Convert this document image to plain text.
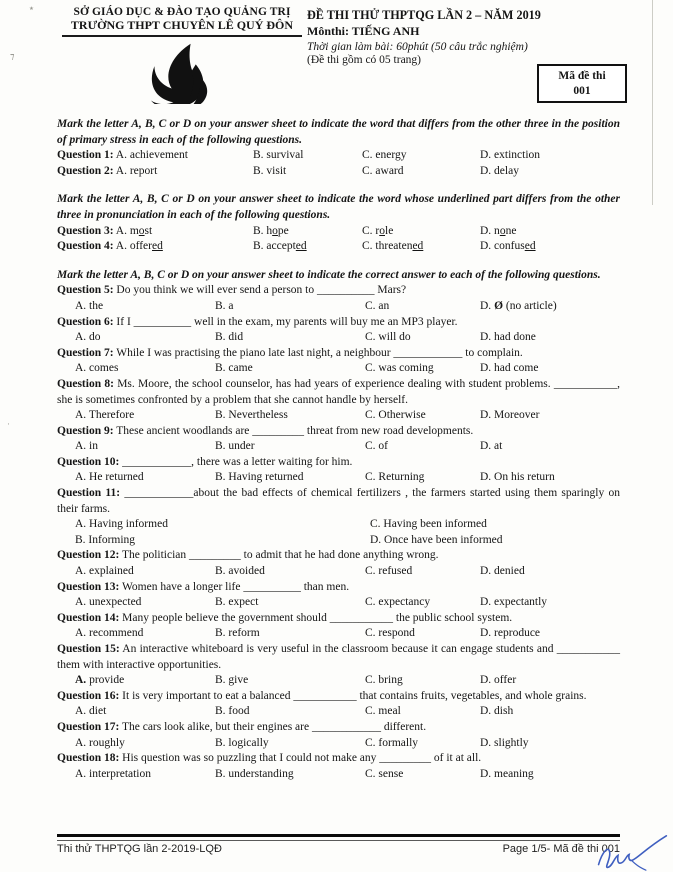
٭
⁊
·
SỞ GIÁO DỤC & ĐÀO TẠO QUẢNG TRỊ
TRƯỜNG THPT CHUYÊN LÊ QUÝ ĐÔN
ĐỀ THI THỬ THPTQG LẦN 2 – NĂM 2019
Mônthi: TIẾNG ANH
Thời gian làm bài: 60phút (50 câu trắc nghiệm)
(Đề thi gồm có 05 trang)
Mã đề thi
001

Mark the letter A, B, C or D on your answer sheet to indicate the word that differs from the other three in the position of primary stress in each of the following questions.

Question 1: A. achievement	B. survival	C. energy	D. extinction
Question 2: A. report	B. visit	C. award	D. delay

Mark the letter A, B, C or D on your answer sheet to indicate the word whose underlined part differs from the other three in pronunciation in each of the following questions.

Question 3: A. most	B. hope	C. role	D. none
Question 4: A. offered	B. accepted	C. threatened	D. confused

Mark the letter A, B, C or D on your answer sheet to indicate the correct answer to each of the following questions.

Question 5: Do you think we will ever send a person to __________ Mars?

A. the	B. a	C. an	D. Ø (no article)

Question 6: If I __________ well in the exam, my parents will buy me an MP3 player.

A. do	B. did	C. will do	D. had done

Question 7: While I was practising the piano late last night, a neighbour ____________ to complain.

A. comes	B. came	C. was coming	D. had come

Question 8: Ms. Moore, the school counselor, has had years of experience dealing with student problems. ___________, she is sometimes confronted by a problem that she cannot handle by herself.

A. Therefore	B. Nevertheless	C. Otherwise	D. Moreover

Question 9: These ancient woodlands are _________ threat from new road developments.

A. in	B. under	C. of	D. at

Question 10: ____________, there was a letter waiting for him.

A. He returned	B. Having returned	C. Returning	D. On his return

Question 11: ____________about the bad effects of chemical fertilizers , the farmers started using them sparingly on their farms.

A. Having informed	C. Having been informed
B. Informing	D. Once have been informed

Question 12: The politician _________ to admit that he had done anything wrong.

A. explained	B. avoided	C. refused	D. denied

Question 13: Women have a longer life __________ than men.

A. unexpected	B. expect	C. expectancy	D. expectantly

Question 14: Many people believe the government should ___________ the public school system.

A. recommend	B. reform	C. respond	D. reproduce

Question 15: An interactive whiteboard is very useful in the classroom because it can engage students and ___________ them with interactive opportunities.

A. provide	B. give	C. bring	D. offer

Question 16: It is very important to eat a balanced ___________ that contains fruits, vegetables, and whole grains.

A. diet	B. food	C. meal	D. dish

Question 17: The cars look alike, but their engines are ____________ different.

A. roughly	B. logically	C. formally	D. slightly

Question 18: His question was so puzzling that I could not make any _________ of it at all.

A. interpretation	B. understanding	C. sense	D. meaning
Thi thử THPTQG lần 2-2019-LQĐ	Page 1/5- Mã đề thi 001
